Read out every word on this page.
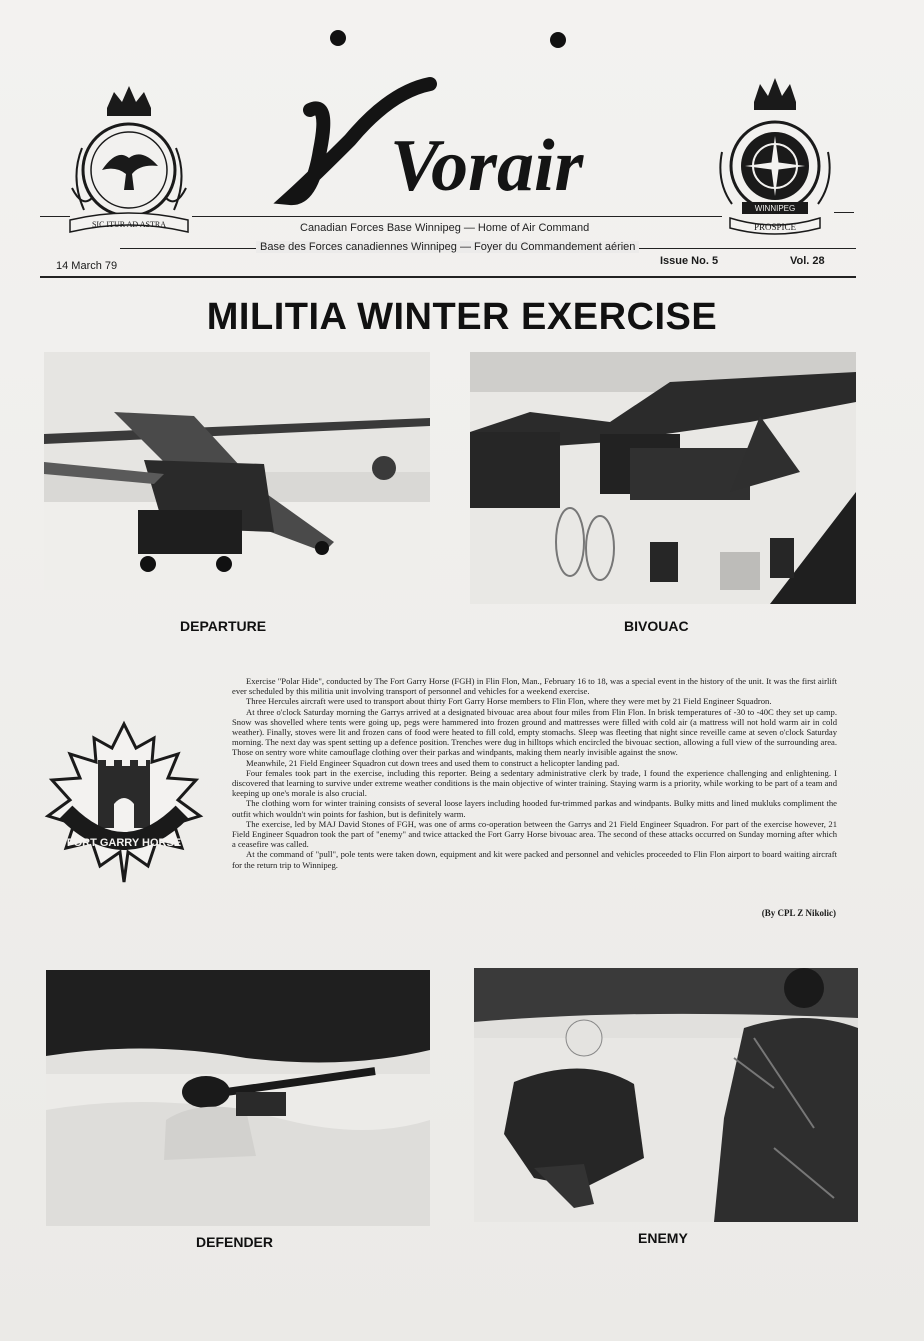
SIC ITUR AD ASTRA
Vorair
WINNIPEG
PROSPICE
Canadian Forces Base Winnipeg — Home of Air Command
Base des Forces canadiennes Winnipeg — Foyer du Commandement aérien
14 March 79	Issue No. 5	Vol. 28
MILITIA WINTER EXERCISE
DEPARTURE	BIVOUAC
FORT GARRY HORSE

Exercise "Polar Hide", conducted by The Fort Garry Horse (FGH) in Flin Flon, Man., February 16 to 18, was a special event in the history of the unit. It was the first airlift ever scheduled by this militia unit involving transport of personnel and vehicles for a weekend exercise.

Three Hercules aircraft were used to transport about thirty Fort Garry Horse members to Flin Flon, where they were met by 21 Field Engineer Squadron.

At three o'clock Saturday morning the Garrys arrived at a designated bivouac area about four miles from Flin Flon. In brisk temperatures of -30 to -40C they set up camp. Snow was shovelled where tents were going up, pegs were hammered into frozen ground and mattresses were filled with cold air (a mattress will not hold warm air in cold weather). Finally, stoves were lit and frozen cans of food were heated to fill cold, empty stomachs. Sleep was fleeting that night since reveille came at seven o'clock Saturday morning. The next day was spent setting up a defence position. Trenches were dug in hilltops which encircled the bivouac section, allowing a full view of the surrounding area. Those on sentry wore white camouflage clothing over their parkas and windpants, making them nearly invisible against the snow.

Meanwhile, 21 Field Engineer Squadron cut down trees and used them to construct a helicopter landing pad.

Four females took part in the exercise, including this reporter. Being a sedentary administrative clerk by trade, I found the experience challenging and enlightening. I discovered that learning to survive under extreme weather conditions is the main objective of winter training. Staying warm is a priority, while working to be part of a team and keeping up one's morale is also crucial.

The clothing worn for winter training consists of several loose layers including hooded fur-trimmed parkas and windpants. Bulky mitts and lined mukluks compliment the outfit which wouldn't win points for fashion, but is definitely warm.

The exercise, led by MAJ David Stones of FGH, was one of arms co-operation between the Garrys and 21 Field Engineer Squadron. For part of the exercise however, 21 Field Engineer Squadron took the part of "enemy" and twice attacked the Fort Garry Horse bivouac area. The second of these attacks occurred on Sunday morning after which a ceasefire was called.

At the command of "pull", pole tents were taken down, equipment and kit were packed and personnel and vehicles proceeded to Flin Flon airport to board waiting aircraft for the return trip to Winnipeg.

(By CPL Z Nikolic)
DEFENDER	ENEMY
